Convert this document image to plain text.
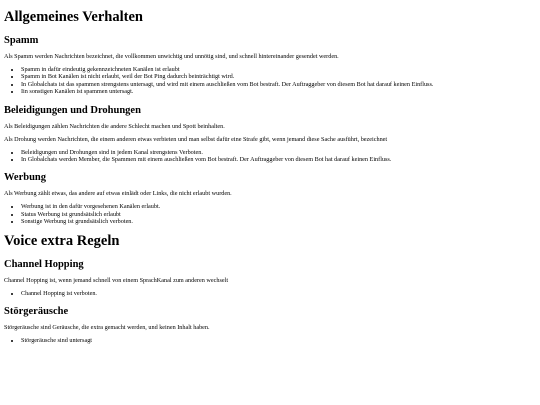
Allgemeines Verhalten
Spamm

Als Spamm werden Nachrichten bezeichnet, die vollkommen unwichtig und unnötig sind, und schnell hintereinander gesendet werden.

• Spamm in dafür eindeutig gekennzeichneten Kanälen ist erlaubt
• Spamm in Bot Kanälen ist nicht erlaubt, weil der Bot Ping dadurch beinträchtigt wird.
• In Globalchats ist das spammen strengstens untersagt, und wird mit einem auschließen vom Bot bestraft. Der Auftraggeber von diesem Bot hat darauf keinen Einfluss.
• Iin sonstigen Kanälen ist spammen untersagt.
Beleidigungen und Drohungen

Als Beleidigungen zählen Nachrichten die andere Schlecht machen und Spott beinhalten.

Als Drohung werden Nachrichten, die einem anderen etwas verbieten und man selbst dafür eine Strafe gibt, wenn jemand diese Sache ausführt, bezeichnet

• Beleidigungen und Drohungen sind in jedem Kanal strengstens Verboten.
• In Globalchats werden Member, die Spammen mit einem auschließen vom Bot bestraft. Der Auftraggeber von diesem Bot hat darauf keinen Einfluss.
Werbung

Als Werbung zählt etwas, das andere auf etwas einlädt oder Links, die nicht erlaubt wurden.

• Werbung ist in den dafür vorgesehenen Kanälen erlaubt.
• Status Werbung ist grundsätslich erlaubt
• Sonstige Werbung ist grundsätslich verboten.
Voice extra Regeln
Channel Hopping

Channel Hopping ist, wenn jemand schnell von einem SprachKanal zum anderen wechselt

• Channel Hopping ist verboten.
Störgeräusche

Störgeräusche sind Geräusche, die extra gemacht werden, und keinen Inhalt haben.

• Störgeräusche sind untersagt
